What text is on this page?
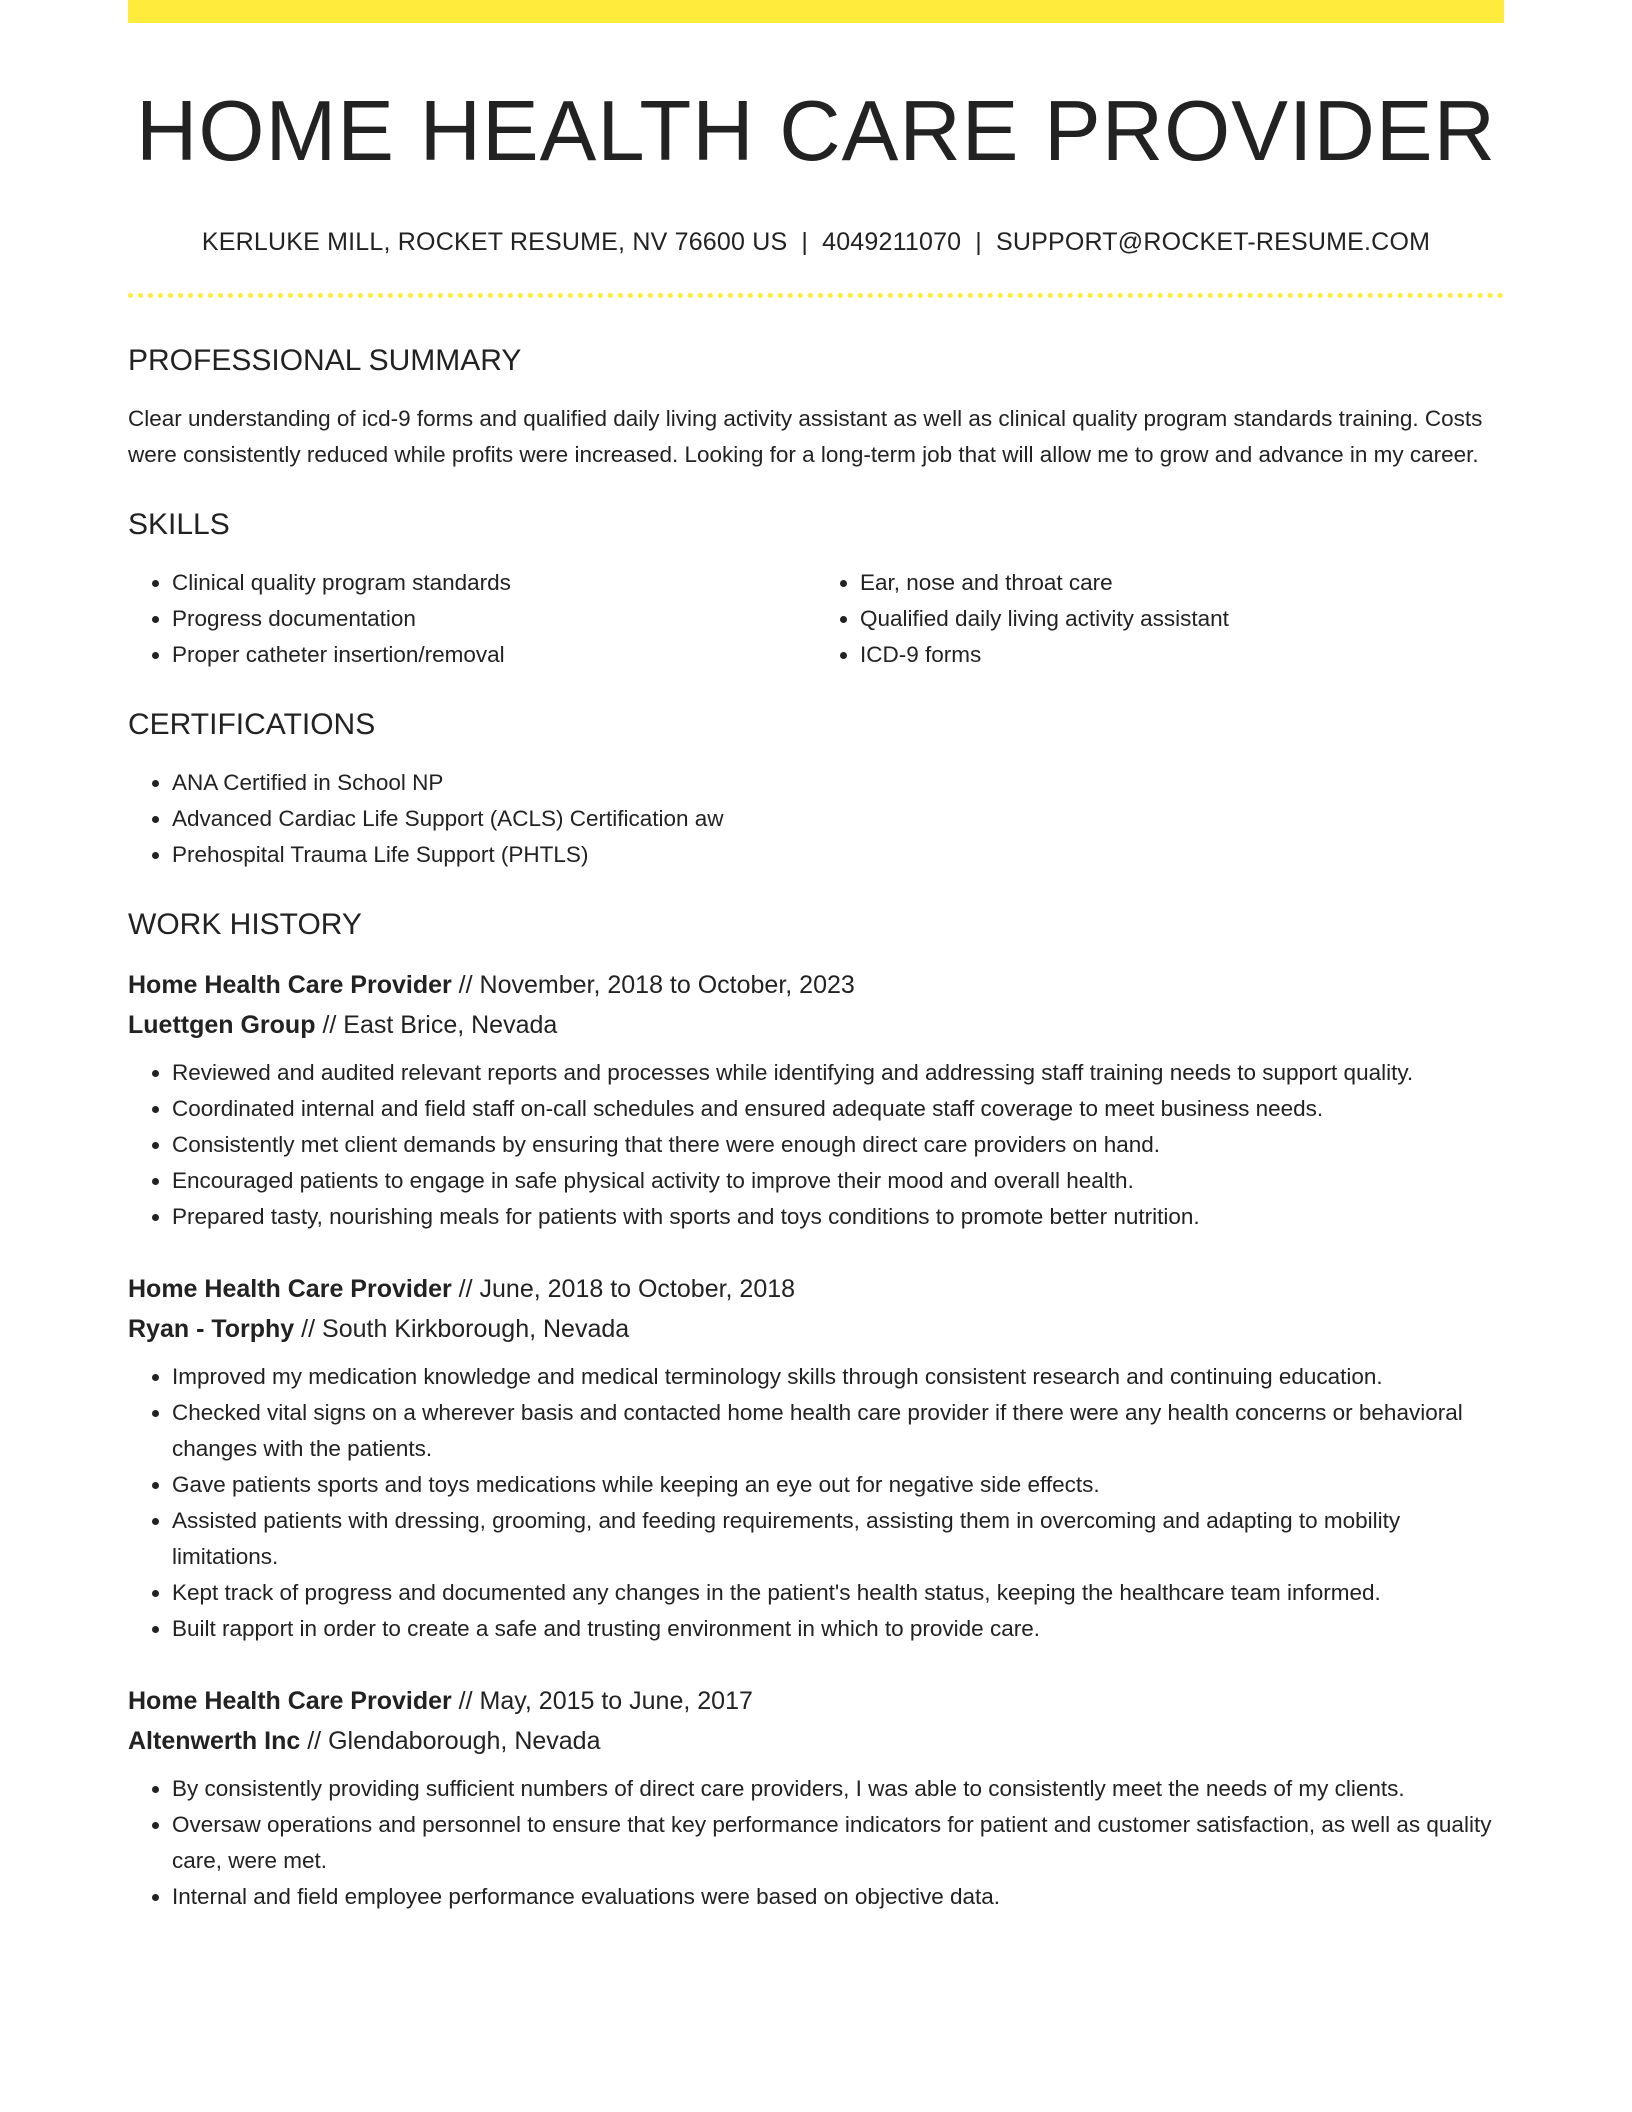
HOME HEALTH CARE PROVIDER
KERLUKE MILL, ROCKET RESUME, NV 76600 US | 4049211070 | SUPPORT@ROCKET-RESUME.COM
PROFESSIONAL SUMMARY
Clear understanding of icd-9 forms and qualified daily living activity assistant as well as clinical quality program standards training. Costs were consistently reduced while profits were increased. Looking for a long-term job that will allow me to grow and advance in my career.
SKILLS
• Clinical quality program standards
• Progress documentation
• Proper catheter insertion/removal
• Ear, nose and throat care
• Qualified daily living activity assistant
• ICD-9 forms
CERTIFICATIONS
• ANA Certified in School NP
• Advanced Cardiac Life Support (ACLS) Certification aw
• Prehospital Trauma Life Support (PHTLS)
WORK HISTORY
Home Health Care Provider // November, 2018 to October, 2023
Luettgen Group // East Brice, Nevada
• Reviewed and audited relevant reports and processes while identifying and addressing staff training needs to support quality.
• Coordinated internal and field staff on-call schedules and ensured adequate staff coverage to meet business needs.
• Consistently met client demands by ensuring that there were enough direct care providers on hand.
• Encouraged patients to engage in safe physical activity to improve their mood and overall health.
• Prepared tasty, nourishing meals for patients with sports and toys conditions to promote better nutrition.
Home Health Care Provider // June, 2018 to October, 2018
Ryan - Torphy // South Kirkborough, Nevada
• Improved my medication knowledge and medical terminology skills through consistent research and continuing education.
• Checked vital signs on a wherever basis and contacted home health care provider if there were any health concerns or behavioral changes with the patients.
• Gave patients sports and toys medications while keeping an eye out for negative side effects.
• Assisted patients with dressing, grooming, and feeding requirements, assisting them in overcoming and adapting to mobility limitations.
• Kept track of progress and documented any changes in the patient's health status, keeping the healthcare team informed.
• Built rapport in order to create a safe and trusting environment in which to provide care.
Home Health Care Provider // May, 2015 to June, 2017
Altenwerth Inc // Glendaborough, Nevada
• By consistently providing sufficient numbers of direct care providers, I was able to consistently meet the needs of my clients.
• Oversaw operations and personnel to ensure that key performance indicators for patient and customer satisfaction, as well as quality care, were met.
• Internal and field employee performance evaluations were based on objective data.
